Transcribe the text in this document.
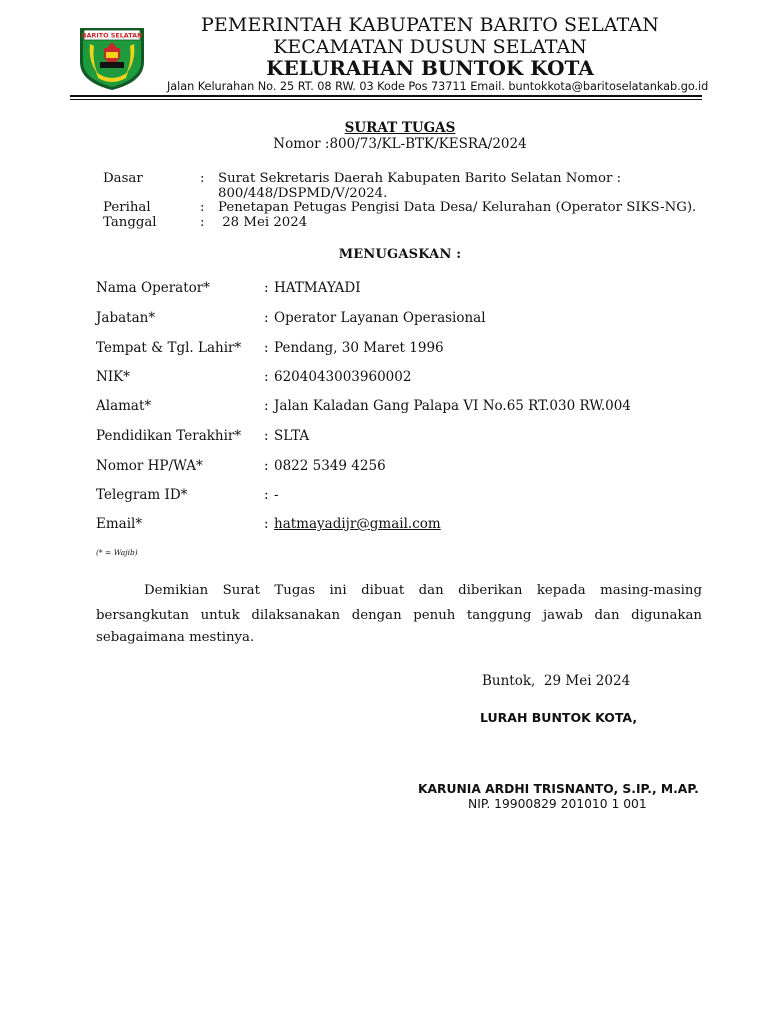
BARITO SELATAN	PEMERINTAH KABUPATEN BARITO SELATAN
KECAMATAN DUSUN SELATAN
KELURAHAN BUNTOK KOTA
Jalan Kelurahan No. 25 RT. 08 RW. 03 Kode Pos 73711 Email. buntokkota@baritoselatankab.go.id
SURAT TUGAS
Nomor :800/73/KL-BTK/KESRA/2024
Dasar	: Surat Sekretaris Daerah Kabupaten Barito Selatan Nomor :
800/448/DSPMD/V/2024.
Perihal	: Penetapan Petugas Pengisi Data Desa/ Kelurahan (Operator SIKS-NG).
Tanggal	: 28 Mei 2024
MENUGASKAN :
Nama Operator*	: HATMAYADI
Jabatan*	: Operator Layanan Operasional
Tempat & Tgl. Lahir* : Pendang, 30 Maret 1996
NIK*	: 6204043003960002
Alamat*	: Jalan Kaladan Gang Palapa VI No.65 RT.030 RW.004
Pendidikan Terakhir* : SLTA
Nomor HP/WA*	: 0822 5349 4256
Telegram ID*	: -
Email*	: hatmayadijr@gmail.com
(* = Wajib)
Demikian Surat Tugas ini dibuat dan diberikan kepada masing-masing
bersangkutan untuk dilaksanakan dengan penuh tanggung jawab dan digunakan
sebagaimana mestinya.
Buntok,  29 Mei 2024
LURAH BUNTOK KOTA,
KARUNIA ARDHI TRISNANTO, S.IP., M.AP.
NIP. 19900829 201010 1 001
